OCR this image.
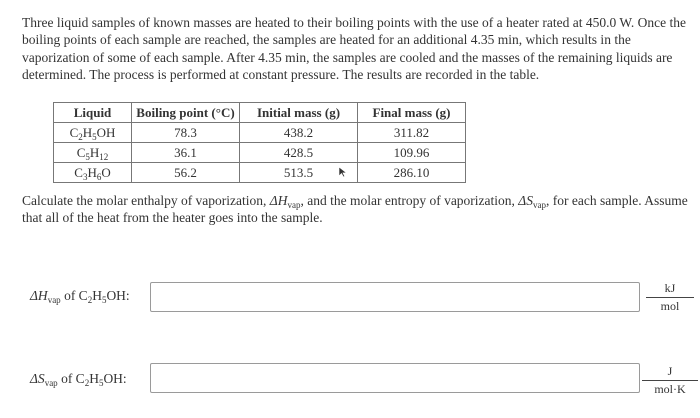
Three liquid samples of known masses are heated to their boiling points with the use of a heater rated at 450.0 W. Once the boiling points of each sample are reached, the samples are heated for an additional 4.35 min, which results in the vaporization of some of each sample. After 4.35 min, the samples are cooled and the masses of the remaining liquids are determined. The process is performed at constant pressure. The results are recorded in the table.
Liquid	Boiling point (°C)	Initial mass (g)	Final mass (g)
$C_2H_5OH$	78.3	438.2	311.82
$C_5H_{12}$	36.1	428.5	109.96
$C_3H_6O$	56.2	513.5	286.10
Calculate the molar enthalpy of vaporization, $\Delta H_{vap}$, and the molar entropy of vaporization, $\Delta S_{vap}$, for each sample. Assume that all of the heat from the heater goes into the sample.
$\Delta H_{vap}$ of $C_2H_5OH$:	kJ
mol
$\Delta S_{vap}$ of $C_2H_5OH$:	J
mol·K
